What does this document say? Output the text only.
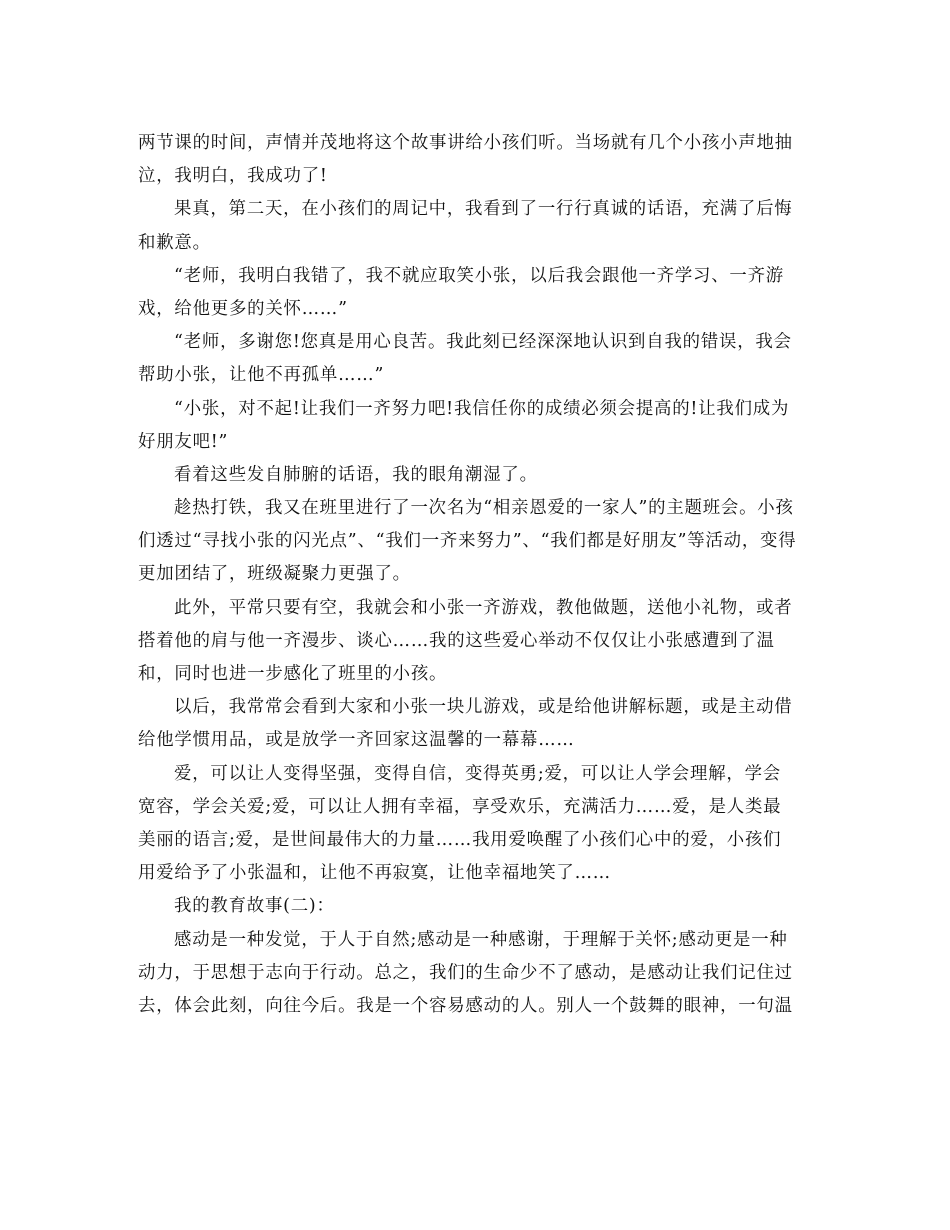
两节课的时间，声情并茂地将这个故事讲给小孩们听。当场就有几个小孩小声地抽
泣，我明白，我成功了!
果真，第二天，在小孩们的周记中，我看到了一行行真诚的话语，充满了后悔
和歉意。
“老师，我明白我错了，我不就应取笑小张，以后我会跟他一齐学习、一齐游
戏，给他更多的关怀……”
“老师，多谢您!您真是用心良苦。我此刻已经深深地认识到自我的错误，我会
帮助小张，让他不再孤单……”
“小张，对不起!让我们一齐努力吧!我信任你的成绩必须会提高的!让我们成为
好朋友吧!”
看着这些发自肺腑的话语，我的眼角潮湿了。
趁热打铁，我又在班里进行了一次名为“相亲恩爱的一家人”的主题班会。小孩
们透过“寻找小张的闪光点”、“我们一齐来努力”、“我们都是好朋友”等活动，变得
更加团结了，班级凝聚力更强了。
此外，平常只要有空，我就会和小张一齐游戏，教他做题，送他小礼物，或者
搭着他的肩与他一齐漫步、谈心……我的这些爱心举动不仅仅让小张感遭到了温
和，同时也进一步感化了班里的小孩。
以后，我常常会看到大家和小张一块儿游戏，或是给他讲解标题，或是主动借
给他学惯用品，或是放学一齐回家这温馨的一幕幕……
爱，可以让人变得坚强，变得自信，变得英勇;爱，可以让人学会理解，学会
宽容，学会关爱;爱，可以让人拥有幸福，享受欢乐，充满活力……爱，是人类最
美丽的语言;爱，是世间最伟大的力量……我用爱唤醒了小孩们心中的爱，小孩们
用爱给予了小张温和，让他不再寂寞，让他幸福地笑了……
我的教育故事(二)：
感动是一种发觉，于人于自然;感动是一种感谢，于理解于关怀;感动更是一种
动力，于思想于志向于行动。总之，我们的生命少不了感动，是感动让我们记住过
去，体会此刻，向往今后。我是一个容易感动的人。别人一个鼓舞的眼神，一句温
